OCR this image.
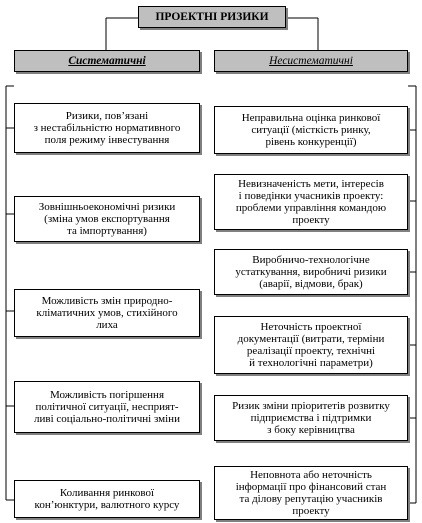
ПРОЕКТНІ РИЗИКИ
Систематичні	Несистематичні
Ризики, пов’язані
з нестабільністю нормативного
поля режиму інвестування
Зовнішньоекономічні ризики
(зміна умов експортування
та імпортування)
Можливість змін природно-
кліматичних умов, стихійного
лиха
Можливість погіршення
політичної ситуації, несприят-
ливі соціально-політичні зміни
Коливання ринкової
кон’юнктури, валютного курсу
Неправильна оцінка ринкової
ситуації (місткість ринку,
рівень конкуренції)
Невизначеність мети, інтересів
і поведінки учасників проекту:
проблеми управління командою
проекту
Виробничо-технологічне
устаткування, виробничі ризики
(аварії, відмови, брак)
Неточність проектної
документації (витрати, терміни
реалізації проекту, технічні
й технологічні параметри)
Ризик зміни пріоритетів розвитку
підприємства і підтримки
з боку керівництва
Неповнота або неточність
інформації про фінансовий стан
та ділову репутацію учасників
проекту
